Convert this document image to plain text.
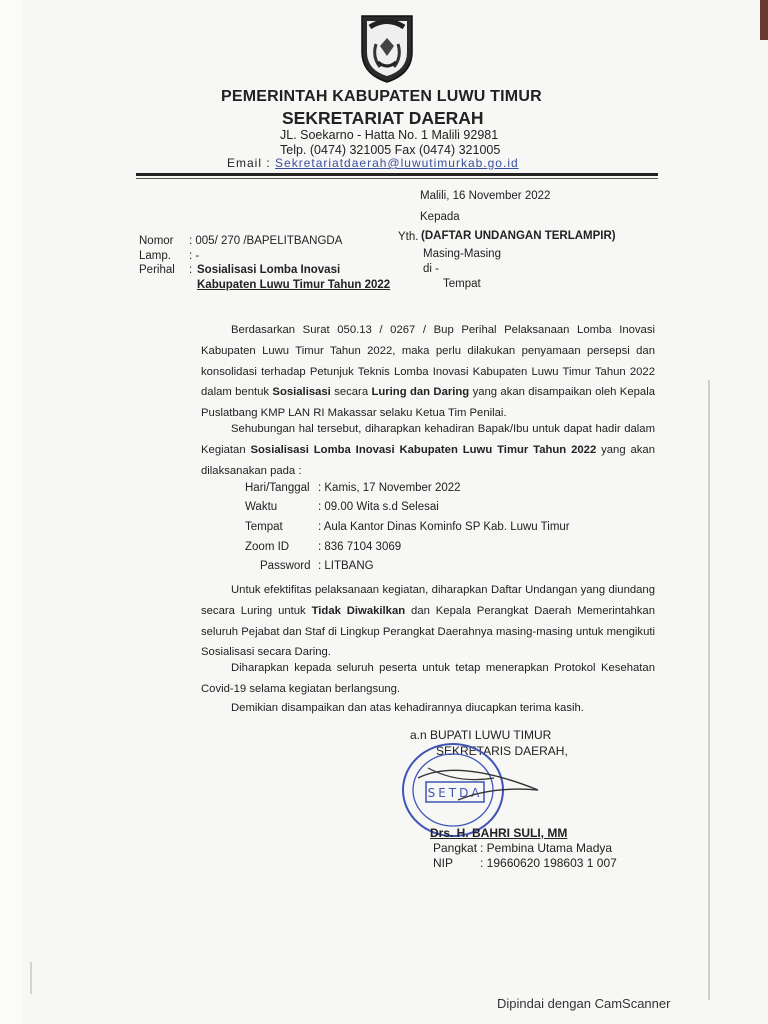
PEMERINTAH KABUPATEN LUWU TIMUR
SEKRETARIAT DAERAH
JL. Soekarno - Hatta No. 1 Malili 92981
Telp. (0474) 321005 Fax (0474) 321005
Email : Sekretariatdaerah@luwutimurkab.go.id
Malili, 16 November 2022
Kepada
Yth. (DAFTAR UNDANGAN TERLAMPIR)
Masing-Masing
di -
Tempat
Nomor : 005/ 270 /BAPELITBANGDA
Lamp. : -
Perihal : Sosialisasi Lomba Inovasi
Kabupaten Luwu Timur Tahun 2022
Berdasarkan Surat 050.13 / 0267 / Bup Perihal Pelaksanaan Lomba Inovasi Kabupaten Luwu Timur Tahun 2022, maka perlu dilakukan penyamaan persepsi dan konsolidasi terhadap Petunjuk Teknis Lomba Inovasi Kabupaten Luwu Timur Tahun 2022 dalam bentuk Sosialisasi secara Luring dan Daring yang akan disampaikan oleh Kepala Puslatbang KMP LAN RI Makassar selaku Ketua Tim Penilai.
Sehubungan hal tersebut, diharapkan kehadiran Bapak/Ibu untuk dapat hadir dalam Kegiatan Sosialisasi Lomba Inovasi Kabupaten Luwu Timur Tahun 2022 yang akan dilaksanakan pada :
Hari/Tanggal : Kamis, 17 November 2022
Waktu	: 09.00 Wita s.d Selesai
Tempat	: Aula Kantor Dinas Kominfo SP Kab. Luwu Timur
Zoom ID	: 836 7104 3069
Password : LITBANG
Untuk efektifitas pelaksanaan kegiatan, diharapkan Daftar Undangan yang diundang secara Luring untuk Tidak Diwakilkan dan Kepala Perangkat Daerah Memerintahkan seluruh Pejabat dan Staf di Lingkup Perangkat Daerahnya masing-masing untuk mengikuti Sosialisasi secara Daring.
Diharapkan kepada seluruh peserta untuk tetap menerapkan Protokol Kesehatan Covid-19 selama kegiatan berlangsung.
Demikian disampaikan dan atas kehadirannya diucapkan terima kasih.
a.n BUPATI LUWU TIMUR
SEKRETARIS DAERAH,
SETDA
Drs. H. BAHRI SULI, MM
Pangkat : Pembina Utama Madya
NIP : 19660620 198603 1 007
Dipindai dengan CamScanner
